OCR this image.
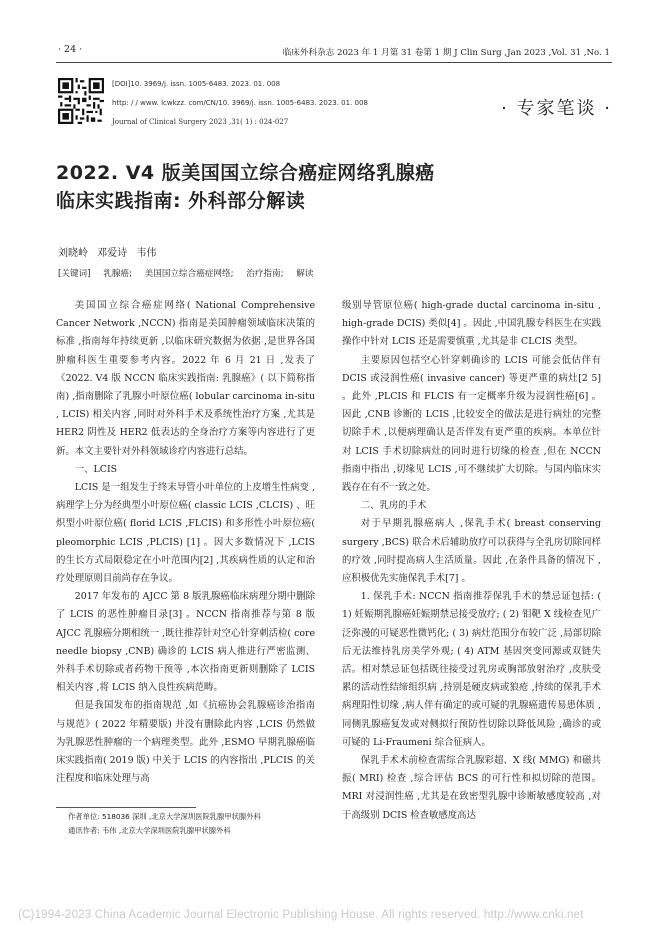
· 24 ·	临床外科杂志 2023 年 1 月第 31 卷第 1 期 J Clin Surg ,Jan 2023 ,Vol. 31 ,No. 1
[DOI]10. 3969/j. issn. 1005-6483. 2023. 01. 008
http: / / www. lcwkzz. com/CN/10. 3969/j. issn. 1005-6483. 2023. 01. 008
Journal of Clinical Surgery 2023 ,31( 1) : 024-027
· 专家笔谈 ·
2022. V4 版美国国立综合癌症网络乳腺癌
临床实践指南: 外科部分解读
刘晓岭 邓爱诗 韦伟
[关键词] 乳腺癌; 美国国立综合癌症网络; 治疗指南; 解读

美国国立综合癌症网络( National Comprehensive Cancer Network ,NCCN) 指南是美国肿瘤领域临床决策的标准 ,指南每年持续更新 ,以临床研究数据为依据 ,是世界各国肿瘤科医生重要参考内容。2022 年 6 月 21 日 ,发表了《2022. V4 版 NCCN 临床实践指南: 乳腺癌》( 以下简称指南) ,指南删除了乳腺小叶原位癌( lobular carcinoma in-situ , LCIS) 相关内容 ,同时对外科手术及系统性治疗方案 ,尤其是 HER2 阴性及 HER2 低表达的全身治疗方案等内容进行了更新。本文主要针对外科领域诊疗内容进行总结。

一、LCIS

LCIS 是一组发生于终末导管小叶单位的上皮增生性病变 ,病理学上分为经典型小叶原位癌( classic LCIS ,CLCIS) 、旺炽型小叶原位癌( florid LCIS ,FLCIS) 和多形性小叶原位癌( pleomorphic LCIS ,PLCIS) [1] 。因大多数情况下 ,LCIS 的生长方式局限稳定在小叶范围内[2] ,其疾病性质的认定和治疗处理原则目前尚存在争议。

2017 年发布的 AJCC 第 8 版乳腺癌临床病理分期中删除了 LCIS 的恶性肿瘤目录[3] 。NCCN 指南推荐与第 8 版 AJCC 乳腺癌分期相统一 ,既往推荐针对空心针穿刺活检( core needle biopsy ,CNB) 确诊的 LCIS 病人推进行严密监测、外科手术切除或者药物干预等 ,本次指南更新则删除了 LCIS 相关内容 ,将 LCIS 纳入良性疾病范畴。

但是我国发布的指南规范 ,如《抗癌协会乳腺癌诊治指南与规范》( 2022 年精要版) 并没有删除此内容 ,LCIS 仍然做为乳腺恶性肿瘤的一个病理类型。此外 ,ESMO 早期乳腺癌临床实践指南( 2019 版) 中关于 LCIS 的内容指出 ,PLCIS 的关注程度和临床处理与高

级别导管原位癌( high-grade ductal carcinoma in-situ , high-grade DCIS) 类似[4] 。因此 ,中国乳腺专科医生在实践操作中针对 LCIS 还是需要慎重 ,尤其是非 CLCIS 类型。

主要原因包括空心针穿刺确诊的 LCIS 可能会低估伴有 DCIS 或浸润性癌( invasive cancer) 等更严重的病灶[2 5] 。此外 ,PLCIS 和 FLCIS 有一定概率升级为浸润性癌[6] 。因此 ,CNB 诊断的 LCIS ,比较安全的做法是进行病灶的完整切除手术 ,以便病理确认是否伴发有更严重的疾病。本单位针对 LCIS 手术切除病灶的同时进行切缘的检查 ,但在 NCCN 指南中指出 ,切缘见 LCIS ,可不继续扩大切除。与国内临床实践存在有不一致之处。

二、乳房的手术

对于早期乳腺癌病人 ,保乳手术( breast conserving surgery ,BCS) 联合术后辅助放疗可以获得与全乳房切除同样的疗效 ,同时提高病人生活质量。因此 ,在条件具备的情况下 ,应积极优先实施保乳手术[7] 。

1. 保乳手术: NCCN 指南推荐保乳手术的禁忌证包括: ( 1) 妊娠期乳腺癌妊娠期禁忌接受放疗; ( 2) 钼靶 X 线检查见广泛弥漫的可疑恶性微钙化; ( 3) 病灶范围分布较广泛 ,局部切除后无法维持乳房美学外观; ( 4) ATM 基因突变同源或双链失活。相对禁忌证包括既往接受过乳房或胸部放射治疗 ,皮肤受累的活动性结缔组织病 ,持别是硬皮病或狼疮 ,持续的保乳手术病理阳性切缘 ,病人伴有确定的或可疑的乳腺癌遗传易患体质 ,同侧乳腺癌复发或对侧拟行预防性切除以降低风险 ,确诊的或可疑的 Li-Fraumeni 综合征病人。

保乳手术术前检查需综合乳腺彩超、X 线( MMG) 和磁共振( MRI) 检查 ,综合评估 BCS 的可行性和拟切除的范围。MRI 对浸润性癌 ,尤其是在致密型乳腺中诊断敏感度较高 ,对于高级别 DCIS 检查敏感度高达

作者单位: 518036 深圳 ,北京大学深圳医院乳腺甲状腺外科
通讯作者: 韦伟 ,北京大学深圳医院乳腺甲状腺外科
(C)1994-2023 China Academic Journal Electronic Publishing House. All rights reserved. http://www.cnki.net
